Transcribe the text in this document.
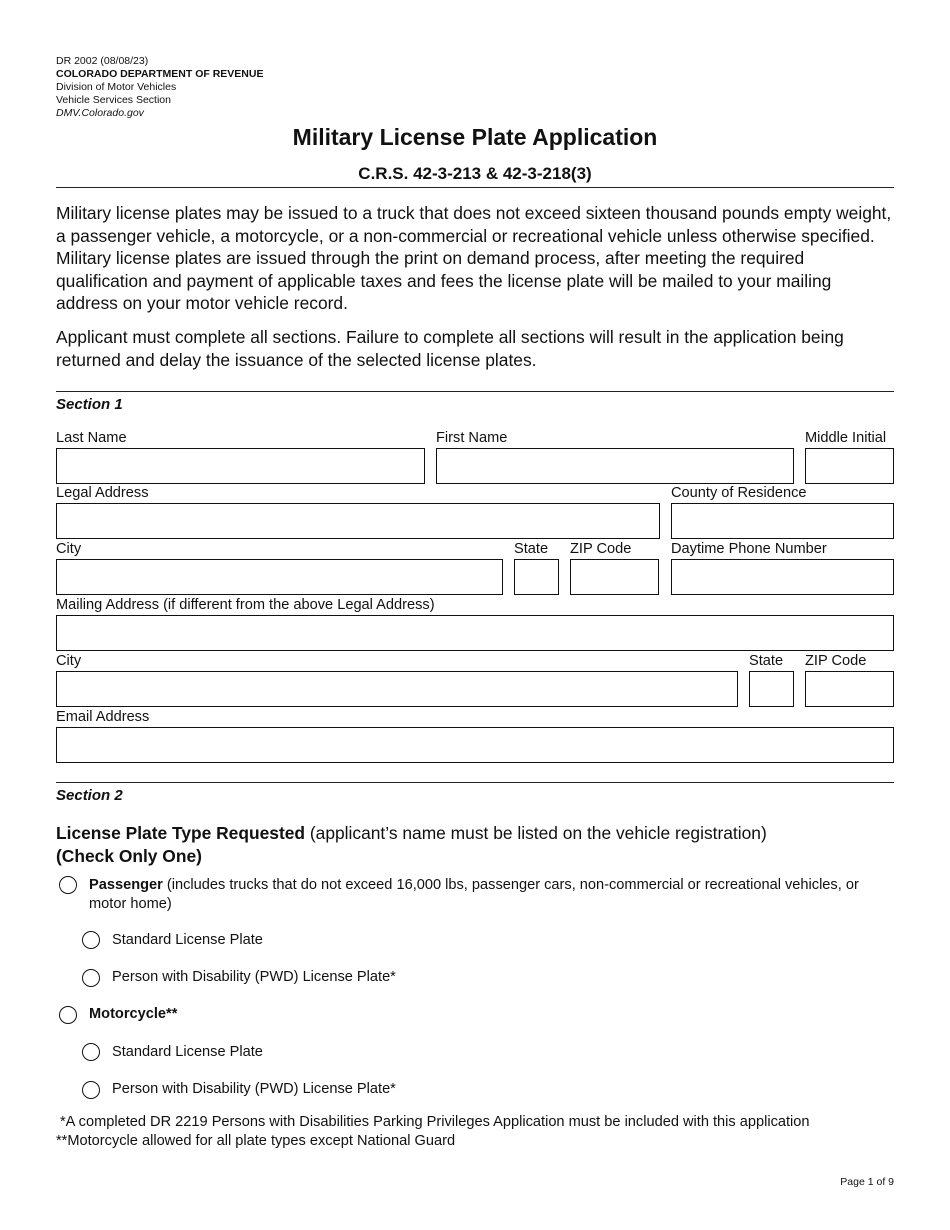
DR 2002 (08/08/23)
COLORADO DEPARTMENT OF REVENUE
Division of Motor Vehicles
Vehicle Services Section
DMV.Colorado.gov
Military License Plate Application
C.R.S. 42-3-213 & 42-3-218(3)
Military license plates may be issued to a truck that does not exceed sixteen thousand pounds empty weight, a passenger vehicle, a motorcycle, or a non-commercial or recreational vehicle unless otherwise specified. Military license plates are issued through the print on demand process, after meeting the required qualification and payment of applicable taxes and fees the license plate will be mailed to your mailing address on your motor vehicle record.
Applicant must complete all sections. Failure to complete all sections will result in the application being returned and delay the issuance of the selected license plates.
Section 1
Last Name	First Name	Middle Initial
Legal Address	County of Residence
City	State ZIP Code	Daytime Phone Number
Mailing Address (if different from the above Legal Address)
City	State ZIP Code
Email Address
Section 2
License Plate Type Requested (applicant’s name must be listed on the vehicle registration)
(Check Only One)
Passenger (includes trucks that do not exceed 16,000 lbs, passenger cars, non-commercial or recreational vehicles, or motor home)
Standard License Plate
Person with Disability (PWD) License Plate*
Motorcycle**
Standard License Plate
Person with Disability (PWD) License Plate*
*A completed DR 2219 Persons with Disabilities Parking Privileges Application must be included with this application
**Motorcycle allowed for all plate types except National Guard
Page 1 of 9
